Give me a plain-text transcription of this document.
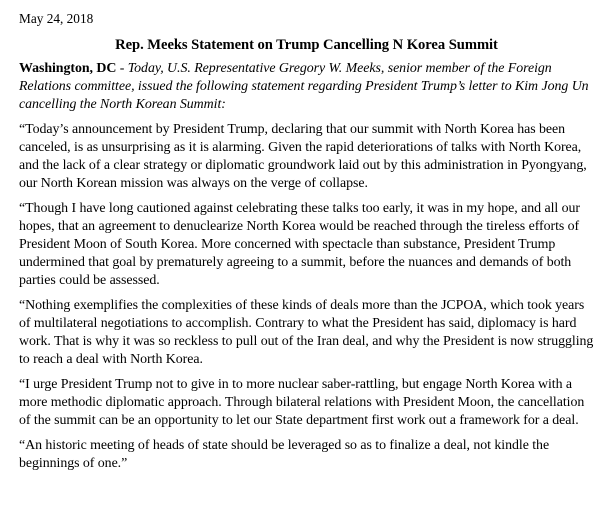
May 24, 2018
Rep. Meeks Statement on Trump Cancelling N Korea Summit

Washington, DC - Today, U.S. Representative Gregory W. Meeks, senior member of the Foreign Relations committee, issued the following statement regarding President Trump’s letter to Kim Jong Un cancelling the North Korean Summit:

“Today’s announcement by President Trump, declaring that our summit with North Korea has been canceled, is as unsurprising as it is alarming. Given the rapid deteriorations of talks with North Korea, and the lack of a clear strategy or diplomatic groundwork laid out by this administration in Pyongyang, our North Korean mission was always on the verge of collapse.

“Though I have long cautioned against celebrating these talks too early, it was in my hope, and all our hopes, that an agreement to denuclearize North Korea would be reached through the tireless efforts of President Moon of South Korea. More concerned with spectacle than substance, President Trump undermined that goal by prematurely agreeing to a summit, before the nuances and demands of both parties could be assessed.

“Nothing exemplifies the complexities of these kinds of deals more than the JCPOA, which took years of multilateral negotiations to accomplish. Contrary to what the President has said, diplomacy is hard work. That is why it was so reckless to pull out of the Iran deal, and why the President is now struggling to reach a deal with North Korea.

“I urge President Trump not to give in to more nuclear saber-rattling, but engage North Korea with a more methodic diplomatic approach. Through bilateral relations with President Moon, the cancellation of the summit can be an opportunity to let our State department first work out a framework for a deal.

“An historic meeting of heads of state should be leveraged so as to finalize a deal, not kindle the beginnings of one.”
